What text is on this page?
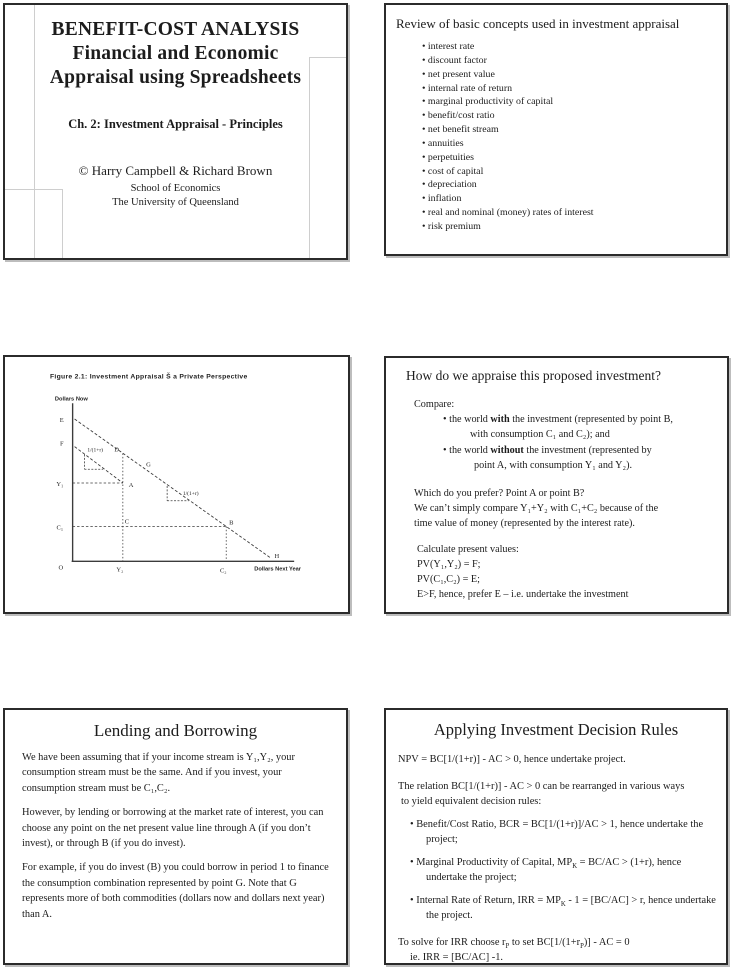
BENEFIT-COST ANALYSIS
Financial and Economic
Appraisal using Spreadsheets
Ch. 2: Investment Appraisal - Principles
© Harry Campbell & Richard Brown
School of Economics
The University of Queensland
Review of basic concepts used in investment appraisal
• interest rate
• discount factor
• net present value
• internal rate of return
• marginal productivity of capital
• benefit/cost ratio
• net benefit stream
• annuities
• perpetuities
• cost of capital
• depreciation
• inflation
• real and nominal (money) rates of interest
• risk premium
Figure 2.1: Investment Appraisal Š a Private Perspective
Dollars Now
Dollars Next Year
E
F
Y₁
C₁
O
D
G
A
C	B
H
Y₂	C₂
1/(1+r)
1/(1+r)
How do we appraise this proposed investment?
Compare:
• the world with the investment (represented by point B,
with consumption C₁ and C₂); and
• the world without the investment (represented by
point A, with consumption Y₁ and Y₂).
Which do you prefer? Point A or point B?
We can’t simply compare Y₁+Y₂ with C₁+C₂ because of the
time value of money (represented by the interest rate).
Calculate present values:
PV(Y₁,Y₂) = F;
PV(C₁,C₂) = E;
E>F, hence, prefer E – i.e. undertake the investment
Lending and Borrowing
We have been assuming that if your income stream is Y₁,Y₂, your consumption stream must be the same. And if you invest, your consumption stream must be C₁,C₂.
However, by lending or borrowing at the market rate of interest, you can choose any point on the net present value line through A (if you don’t invest), or through B (if you do invest).
For example, if you do invest (B) you could borrow in period 1 to finance the consumption combination represented by point G. Note that G represents more of both commodities (dollars now and dollars next year)
than A.
Applying Investment Decision Rules
NPV = BC[1/(1+r)] - AC > 0, hence undertake project.
The relation BC[1/(1+r)] - AC > 0 can be rearranged in various ways
to yield equivalent decision rules:
• Benefit/Cost Ratio, BCR = BC[1/(1+r)]/AC > 1, hence undertake the project;
• Marginal Productivity of Capital, $MP_K = BC/AC > (1+r)$, hence undertake the project;
• Internal Rate of Return, IRR = $MP_K - 1 = [BC/AC] > r$, hence undertake the project.
To solve for IRR choose $r_P$ to set $BC[1/(1+r_P)]$ - AC = 0
ie. IRR = [BC/AC] -1.
